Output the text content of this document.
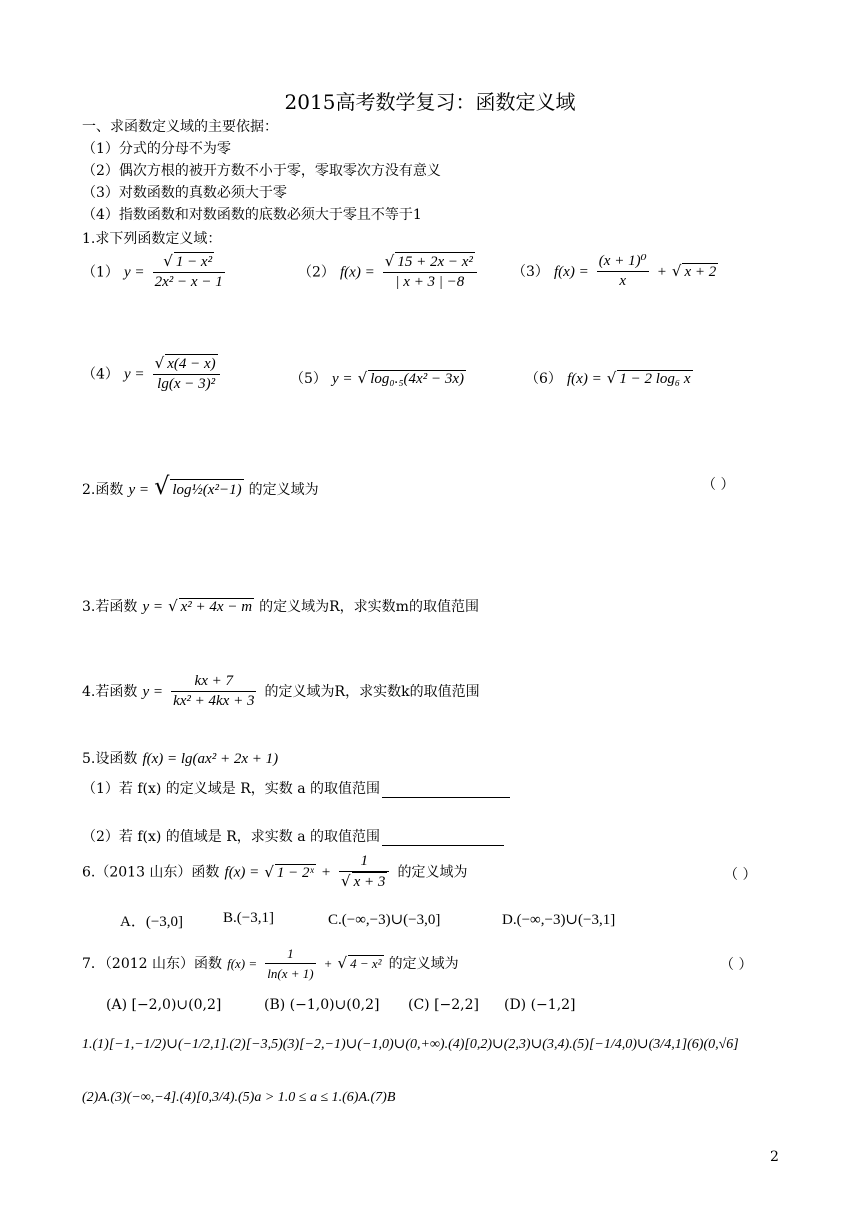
2015高考数学复习：函数定义域
一、求函数定义域的主要依据：
（1）分式的分母不为零
（2）偶次方根的被开方数不小于零，零取零次方没有意义
（3）对数函数的真数必须大于零
（4）指数函数和对数函数的底数必须大于零且不等于1
1.求下列函数定义域：
（1） $y = \frac{\text{√ 1 − x²}}{\text{2x² − x − 1}}$	（2） $f(x) = \frac{\text{√ 15 + 2x − x²}}{| x + 3 | -8}$	（3） $f(x) = \frac{\text{(x + 1)⁰}}{x}$ + √ x + 2
（4） $y = \frac{√ x(4 - x)}{\text{lg(x − 3)²}}$	（5） y = √ log₀.₅(4x² − 3x)	（6） f(x) = √ 1 − 2 log₆ x
2.函数 y = √ log½(x²−1) 的定义域为	（ ）
3.若函数 y = √ x² + 4x − m 的定义域为R，求实数m的取值范围
4.若函数 $y = \frac{kx + 7}{\text{kx² + 4kx + 3}}$ 的定义域为R，求实数k的取值范围
5.设函数 f(x) = lg(ax² + 2x + 1)
（1）若 f(x) 的定义域是 R，实数 a 的取值范围
（2）若 f(x) 的值域是 R，求实数 a 的取值范围
6.（2013 山东）函数 f(x) = √ 1 − 2ˣ + $\frac{1}{√ x + 3}$ 的定义域为	（ ）
A．(−3,0]	B.(−3,1]	C.(−∞,−3)∪(−3,0]	D.(−∞,−3)∪(−3,1]
7．（2012 山东）函数 $f(x) = \frac{1}{\ln(x + 1)}$ + √ 4 − x² 的定义域为	（ ）
(A) [−2,0)∪(0,2]	(B) (−1,0)∪(0,2] (C) [−2,2] (D) (−1,2]
1.(1)[−1,−1/2)∪(−1/2,1].(2)[−3,5)(3)[−2,−1)∪(−1,0)∪(0,+∞).(4)[0,2)∪(2,3)∪(3,4).(5)[−1/4,0)∪(3/4,1](6)(0,√6]
(2)A.(3)(−∞,−4].(4)[0,3/4).(5)a > 1.0 ≤ a ≤ 1.(6)A.(7)B
2
